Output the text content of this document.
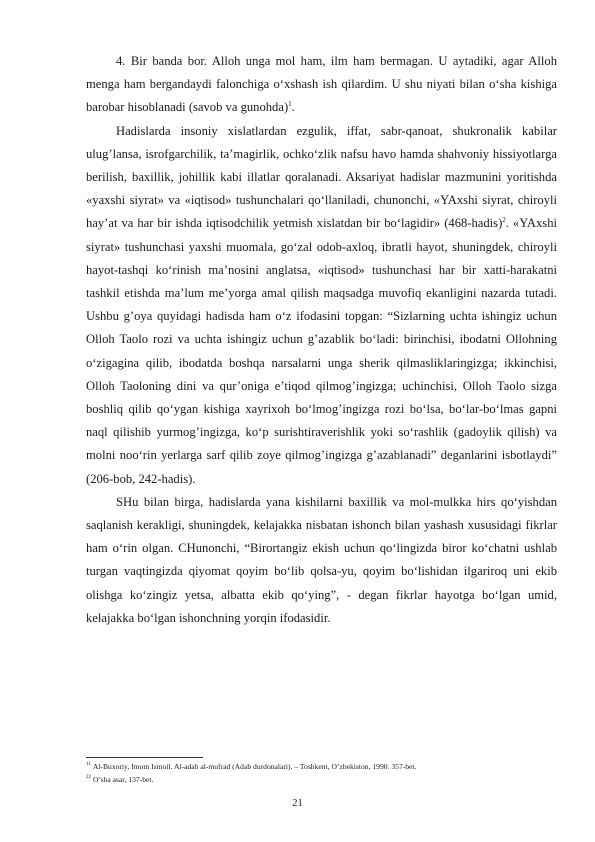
4. Bir banda bor. Alloh unga mol ham, ilm ham bermagan. U aytadiki, agar Alloh menga ham bergandaydi falonchiga o‘xshash ish qilardim. U shu niyati bilan o‘sha kishiga barobar hisoblanadi (savob va gunohda)$^1$.

Hadislarda insoniy xislatlardan ezgulik, iffat, sabr-qanoat, shukronalik kabilar ulug’lansa, isrofgarchilik, ta’magirlik, ochko‘zlik nafsu havo hamda shahvoniy hissiyotlarga berilish, baxillik, johillik kabi illatlar qoralanadi. Aksariyat hadislar mazmunini yoritishda «yaxshi siyrat» va «iqtisod» tushunchalari qo‘llaniladi, chunonchi, «YAxshi siyrat, chiroyli hay’at va har bir ishda iqtisodchilik yetmish xislatdan bir bo‘lagidir» (468-hadis)$^2$. «YAxshi siyrat» tushunchasi yaxshi muomala, go‘zal odob-axloq, ibratli hayot, shuningdek, chiroyli hayot-tashqi ko‘rinish ma’nosini anglatsa, «iqtisod» tushunchasi har bir xatti-harakatni tashkil etishda ma’lum me’yorga amal qilish maqsadga muvofiq ekanligini nazarda tutadi. Ushbu g’oya quyidagi hadisda ham o‘z ifodasini topgan: “Sizlarning uchta ishingiz uchun Olloh Taolo rozi va uchta ishingiz uchun g’azablik bo‘ladi: birinchisi, ibodatni Ollohning o‘zigagina qilib, ibodatda boshqa narsalarni unga sherik qilmasliklaringizga; ikkinchisi, Olloh Taoloning dini va qur’oniga e’tiqod qilmog’ingizga; uchinchisi, Olloh Taolo sizga boshliq qilib qo‘ygan kishiga xayrixoh bo‘lmog’ingizga rozi bo‘lsa, bo‘lar-bo‘lmas gapni naql qilishib yurmog’ingizga, ko‘p surishtiraverishlik yoki so‘rashlik (gadoylik qilish) va molni noo‘rin yerlarga sarf qilib zoye qilmog’ingizga g’azablanadi” deganlarini isbotlaydi” (206-bob, 242-hadis).

SHu bilan birga, hadislarda yana kishilarni baxillik va mol-mulkka hirs qo‘yishdan saqlanish kerakligi, shuningdek, kelajakka nisbatan ishonch bilan yashash xususidagi fikrlar ham o‘rin olgan. CHunonchi, “Birortangiz ekish uchun qo‘lingizda biror ko‘chatni ushlab turgan vaqtingizda qiyomat qoyim bo‘lib qolsa-yu, qoyim bo‘lishidan ilgariroq uni ekib olishga ko‘zingiz yetsa, albatta ekib qo‘ying”, - degan fikrlar hayotga bo‘lgan umid, kelajakka bo‘lgan ishonchning yorqin ifodasidir.

$^{11}$ Al-Buxoriy, Imom Ismoil. Al-adab al-mufrad (Adab durdonalari). – Toshkent, O’zbekiston, 1990. 357-bet.

$^{22}$ O’sha asar, 137-bet.

21
